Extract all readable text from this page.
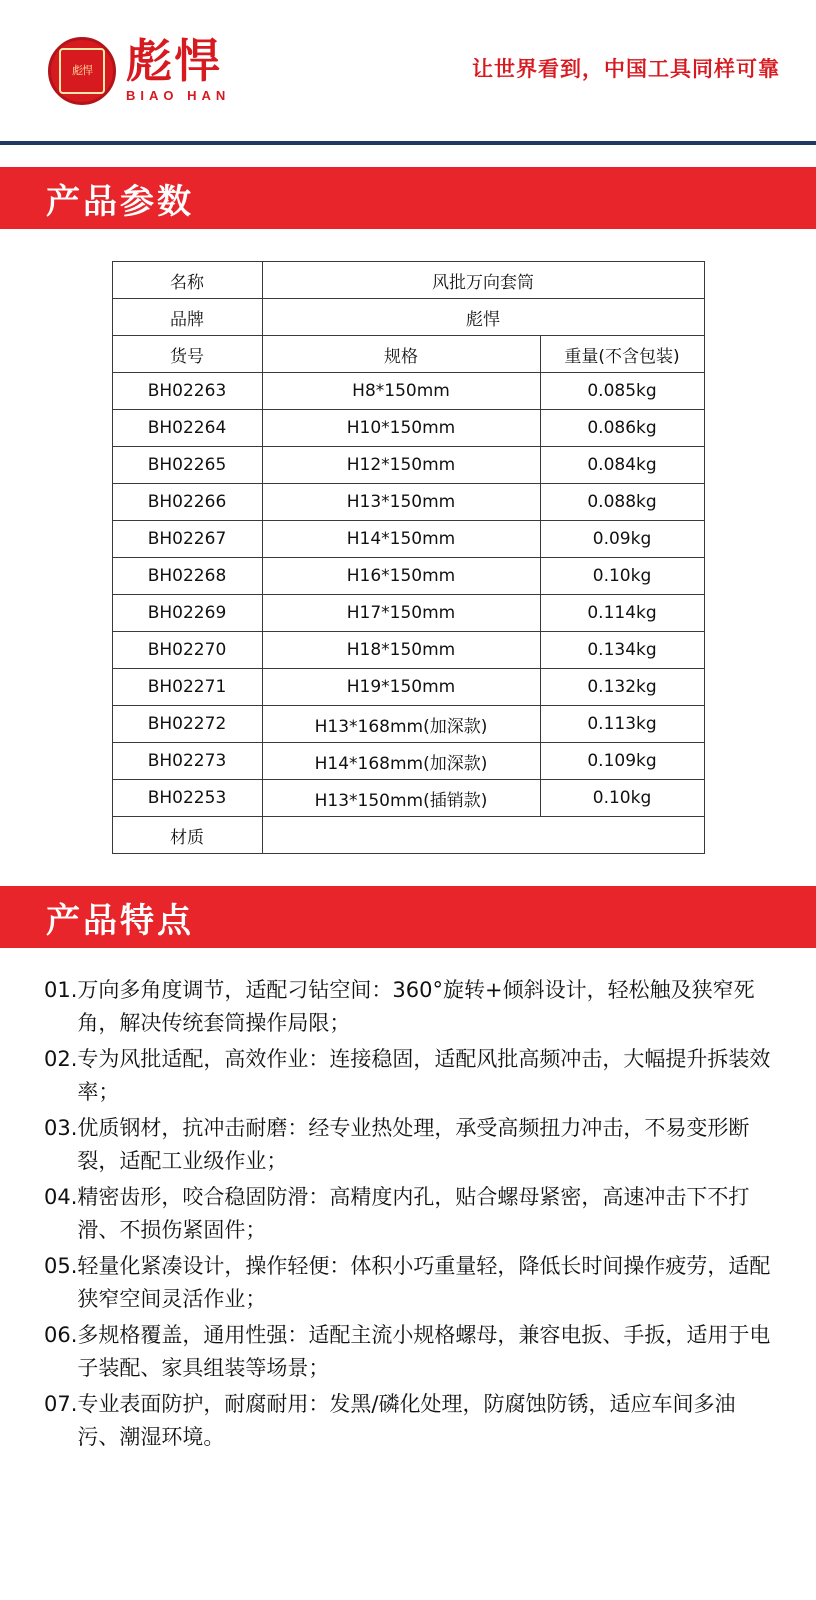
彪悍 彪悍
BIAO HAN
让世界看到，中国工具同样可靠
产品参数
名称	风批万向套筒	
品牌	彪悍	
货号	规格	重量(不含包装)
BH02263	H8*150mm	0.085kg
BH02264	H10*150mm	0.086kg
BH02265	H12*150mm	0.084kg
BH02266	H13*150mm	0.088kg
BH02267	H14*150mm	0.09kg
BH02268	H16*150mm	0.10kg
BH02269	H17*150mm	0.114kg
BH02270	H18*150mm	0.134kg
BH02271	H19*150mm	0.132kg
BH02272	H13*168mm(加深款)	0.113kg
BH02273	H14*168mm(加深款)	0.109kg
BH02253	H13*150mm(插销款)	0.10kg
材质		
产品特点
01. 万向多角度调节，适配刁钻空间：360°旋转+倾斜设计，轻松触及狭窄死角，解决传统套筒操作局限；
02. 专为风批适配，高效作业：连接稳固，适配风批高频冲击，大幅提升拆装效率；
03. 优质钢材，抗冲击耐磨：经专业热处理，承受高频扭力冲击，不易变形断裂，适配工业级作业；
04. 精密齿形，咬合稳固防滑：高精度内孔，贴合螺母紧密，高速冲击下不打滑、不损伤紧固件；
05. 轻量化紧凑设计，操作轻便：体积小巧重量轻，降低长时间操作疲劳，适配狭窄空间灵活作业；
06. 多规格覆盖，通用性强：适配主流小规格螺母，兼容电扳、手扳，适用于电子装配、家具组装等场景；
07. 专业表面防护，耐腐耐用：发黑/磷化处理，防腐蚀防锈，适应车间多油污、潮湿环境。
